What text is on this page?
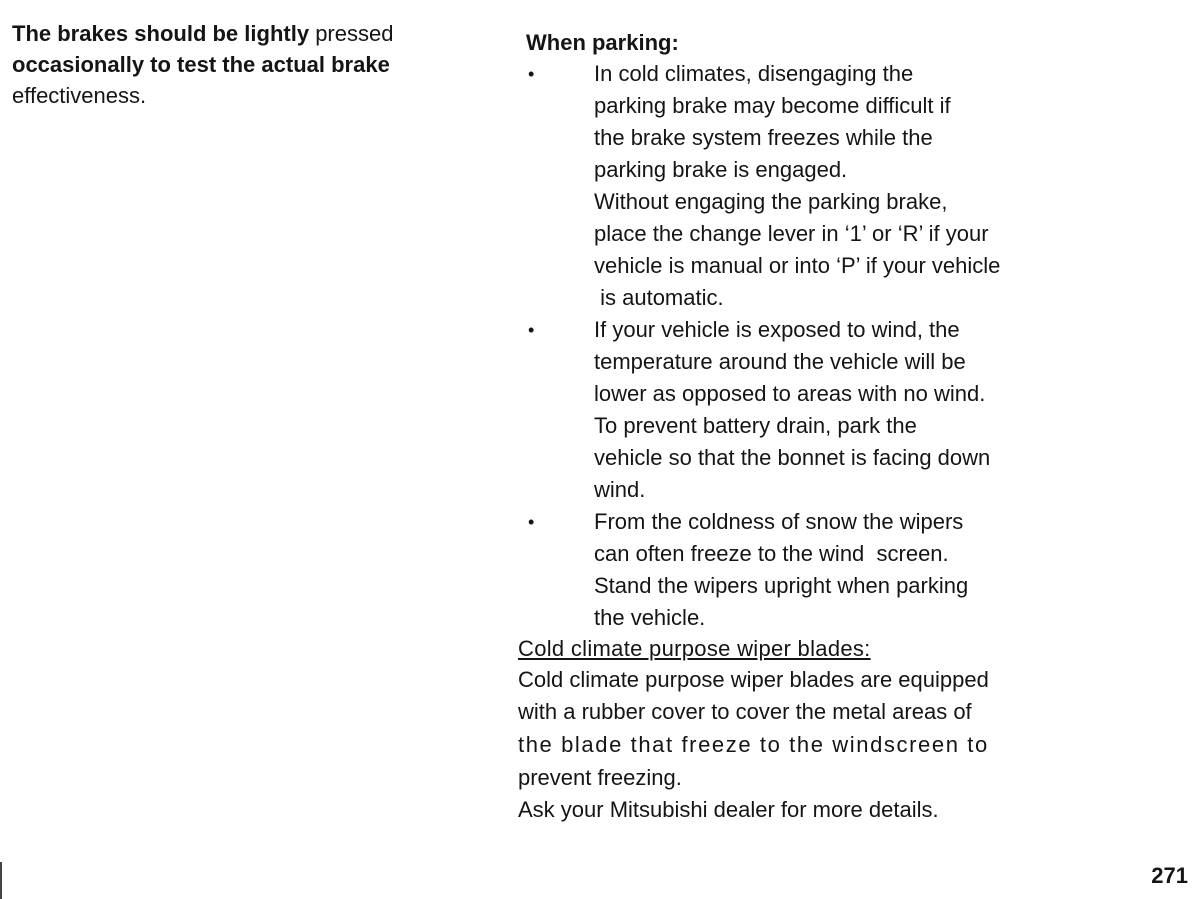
The brakes should be lightly pressed
occasionally to test the actual brake
effectiveness.
When parking:
•	In cold climates, disengaging the
parking brake may become difficult if
the brake system freezes while the
parking brake is engaged.
Without engaging the parking brake,
place the change lever in ‘1’ or ‘R’ if your
vehicle is manual or into ‘P’ if your vehicle
is automatic.
•	If your vehicle is exposed to wind, the
temperature around the vehicle will be
lower as opposed to areas with no wind.
To prevent battery drain, park the
vehicle so that the bonnet is facing down
wind.
•	From the coldness of snow the wipers
can often freeze to the wind  screen.
Stand the wipers upright when parking
the vehicle.
Cold climate purpose wiper blades:
Cold climate purpose wiper blades are equipped
with a rubber cover to cover the metal areas of
the blade that freeze to the windscreen to
prevent freezing.
Ask your Mitsubishi dealer for more details.
271
